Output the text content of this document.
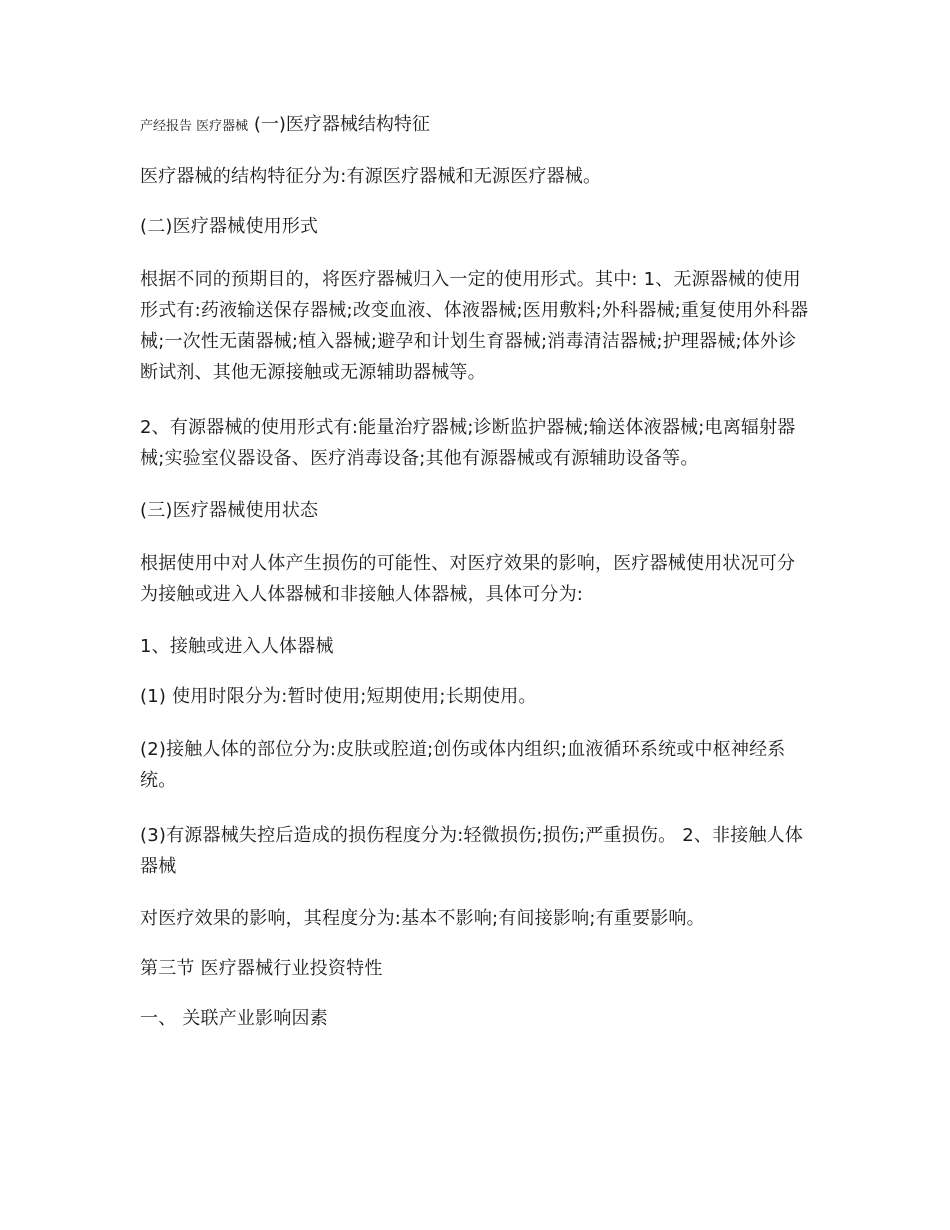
产经报告 医疗器械 (一)医疗器械结构特征

医疗器械的结构特征分为:有源医疗器械和无源医疗器械。

(二)医疗器械使用形式

根据不同的预期目的，将医疗器械归入一定的使用形式。其中: 1、无源器械的使用形式有:药液输送保存器械;改变血液、体液器械;医用敷料;外科器械;重复使用外科器械;一次性无菌器械;植入器械;避孕和计划生育器械;消毒清洁器械;护理器械;体外诊断试剂、其他无源接触或无源辅助器械等。

2、有源器械的使用形式有:能量治疗器械;诊断监护器械;输送体液器械;电离辐射器械;实验室仪器设备、医疗消毒设备;其他有源器械或有源辅助设备等。

(三)医疗器械使用状态

根据使用中对人体产生损伤的可能性、对医疗效果的影响，医疗器械使用状况可分为接触或进入人体器械和非接触人体器械，具体可分为:

1、接触或进入人体器械

(1) 使用时限分为:暂时使用;短期使用;长期使用。

(2)接触人体的部位分为:皮肤或腔道;创伤或体内组织;血液循环系统或中枢神经系统。

(3)有源器械失控后造成的损伤程度分为:轻微损伤;损伤;严重损伤。 2、非接触人体器械

对医疗效果的影响，其程度分为:基本不影响;有间接影响;有重要影响。

第三节 医疗器械行业投资特性

一、 关联产业影响因素
